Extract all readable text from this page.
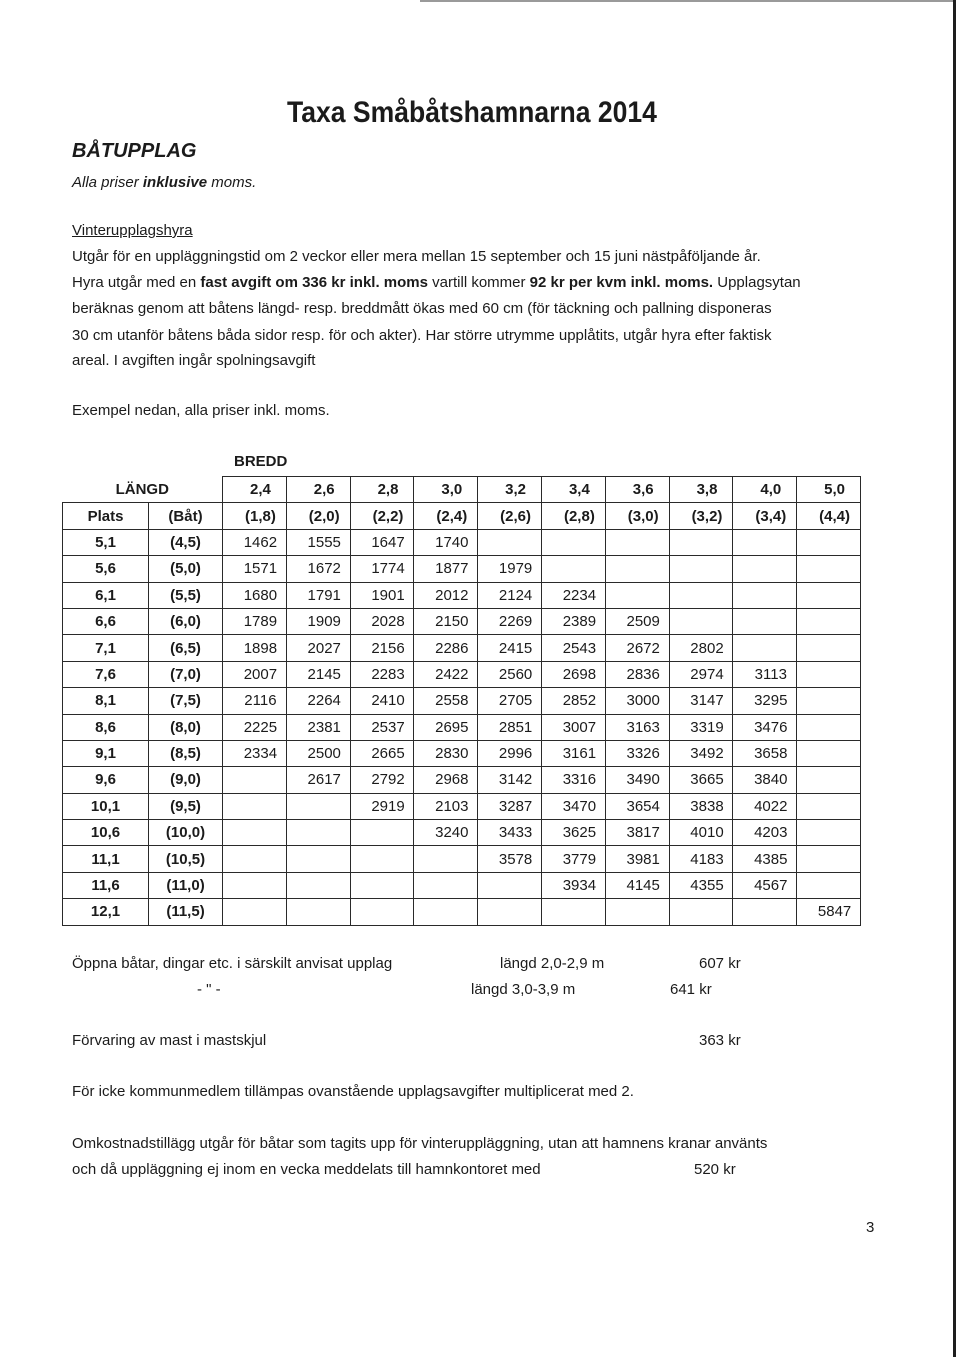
Taxa Småbåtshamnarna 2014
BÅTUPPLAG
Alla priser inklusive moms.
Vinterupplagshyra
Utgår för en uppläggningstid om 2 veckor eller mera mellan 15 september och 15 juni nästpåföljande år.
Hyra utgår med en fast avgift om 336 kr inkl. moms vartill kommer 92 kr per kvm inkl. moms. Upplagsytan
beräknas genom att båtens längd- resp. breddmått ökas med 60 cm (för täckning och pallning disponeras
30 cm utanför båtens båda sidor resp. för och akter). Har större utrymme upplåtits, utgår hyra efter faktisk
areal. I avgiften ingår spolningsavgift
Exempel nedan, alla priser inkl. moms.
BREDD
LÄNGD		2,4	2,6	2,8	3,0	3,2	3,4	3,6	3,8	4,0	5,0
Plats	(Båt)	(1,8)	(2,0)	(2,2)	(2,4)	(2,6)	(2,8)	(3,0)	(3,2)	(3,4)	(4,4)
5,1	(4,5)	1462	1555	1647	1740						
5,6	(5,0)	1571	1672	1774	1877	1979					
6,1	(5,5)	1680	1791	1901	2012	2124	2234				
6,6	(6,0)	1789	1909	2028	2150	2269	2389	2509			
7,1	(6,5)	1898	2027	2156	2286	2415	2543	2672	2802		
7,6	(7,0)	2007	2145	2283	2422	2560	2698	2836	2974	3113	
8,1	(7,5)	2116	2264	2410	2558	2705	2852	3000	3147	3295	
8,6	(8,0)	2225	2381	2537	2695	2851	3007	3163	3319	3476	
9,1	(8,5)	2334	2500	2665	2830	2996	3161	3326	3492	3658	
9,6	(9,0)		2617	2792	2968	3142	3316	3490	3665	3840	
10,1	(9,5)			2919	2103	3287	3470	3654	3838	4022	
10,6	(10,0)				3240	3433	3625	3817	4010	4203	
11,1	(10,5)					3578	3779	3981	4183	4385	
11,6	(11,0)						3934	4145	4355	4567	
12,1	(11,5)										5847
Öppna båtar, dingar etc. i särskilt anvisat upplag	längd 2,0-2,9 m	607 kr
- " -	längd 3,0-3,9 m	641 kr
Förvaring av mast i mastskjul	363 kr
För icke kommunmedlem tillämpas ovanstående upplagsavgifter multiplicerat med 2.
Omkostnadstillägg utgår för båtar som tagits upp för vinteruppläggning, utan att hamnens kranar använts
och då uppläggning ej inom en vecka meddelats till hamnkontoret med	520 kr
3
